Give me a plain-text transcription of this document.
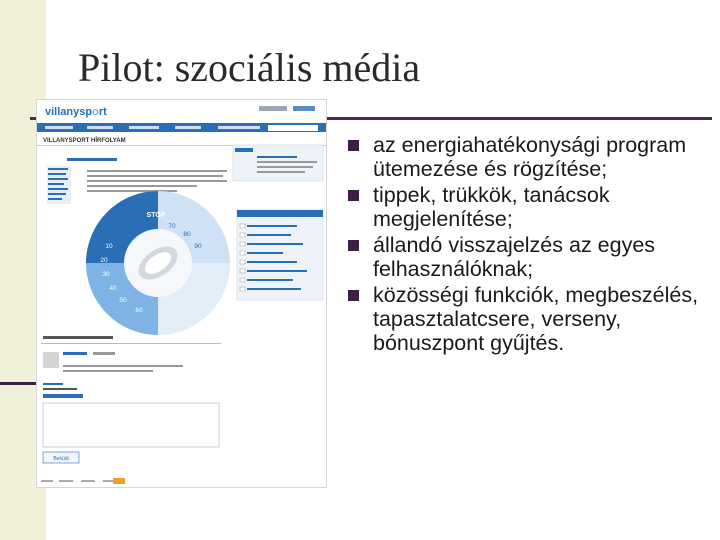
Pilot: szociális média
villanysport
VILLANYSPORT HÍRFOLYAM
STOP
10
20
30
40
50
60
70
80
90
Beküld
az energiahatékonysági program ütemezése és rögzítése;
tippek, trükkök, tanácsok megjelenítése;
állandó visszajelzés az egyes felhasználóknak;
közösségi funkciók, megbeszélés, tapasztalatcsere, verseny, bónuszpont gyűjtés.
